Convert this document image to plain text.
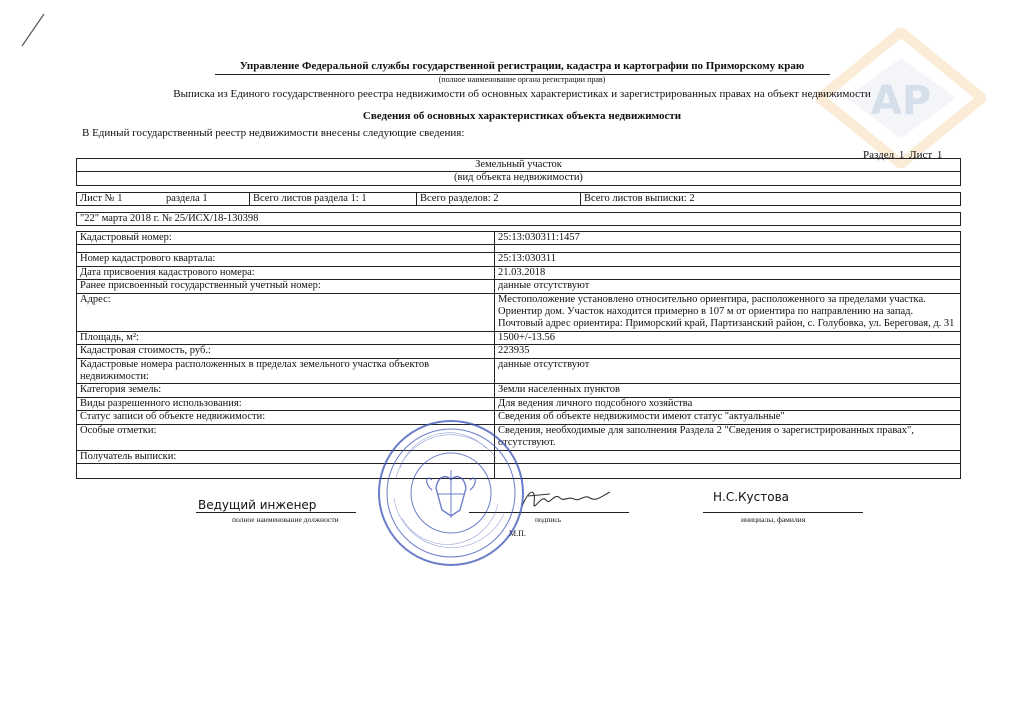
АР
Управление Федеральной службы государственной регистрации, кадастра и картографии по Приморскому краю
(полное наименование органа регистрации прав)
Выписка из Единого государственного реестра недвижимости об основных характеристиках и зарегистрированных правах на объект недвижимости
Сведения об основных характеристиках объекта недвижимости
В Единый государственный реестр недвижимости внесены следующие сведения:
Раздел 1 Лист 1
Земельный участок
(вид объекта недвижимости)
Лист № 1	раздела 1	Всего листов раздела 1: 1	Всего разделов: 2	Всего листов выписки: 2
"22" марта 2018 г. № 25/ИСХ/18-130398
Кадастровый номер:	25:13:030311:1457

Номер кадастрового квартала:	25:13:030311
Дата присвоения кадастрового номера:	21.03.2018
Ранее присвоенный государственный учетный номер:	данные отсутствуют
Адрес:	Местоположение установлено относительно ориентира, расположенного за пределами участка. Ориентир дом. Участок находится примерно в 107 м от ориентира по направлению на запад. Почтовый адрес ориентира: Приморский край, Партизанский район, с. Голубовка, ул. Береговая, д. 31
Площадь, м²:	1500+/-13.56
Кадастровая стоимость, руб.:	223935
Кадастровые номера расположенных в пределах земельного участка объектов недвижимости:	данные отсутствуют
Категория земель:	Земли населенных пунктов
Виды разрешенного использования:	Для ведения личного подсобного хозяйства
Статус записи об объекте недвижимости:	Сведения об объекте недвижимости имеют статус "актуальные"
Особые отметки:	Сведения, необходимые для заполнения Раздела 2 "Сведения о зарегистрированных правах", отсутствуют.
Получатель выписки:	

Ведущий инженер
полное наименование должности	подпись
Н.С.Кустова
инициалы, фамилия
М.П.
